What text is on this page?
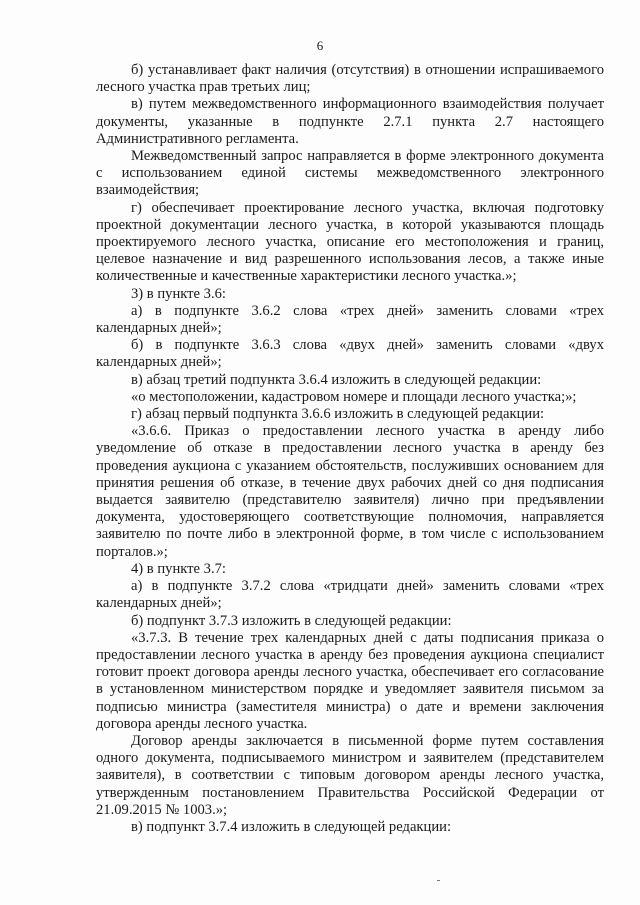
6

б) устанавливает факт наличия (отсутствия) в отношении испрашиваемого лесного участка прав третьих лиц;

в) путем межведомственного информационного взаимодействия получает документы, указанные в подпункте 2.7.1 пункта 2.7 настоящего Административного регламента.

Межведомственный запрос направляется в форме электронного документа с использованием единой системы межведомственного электронного взаимодействия;

г) обеспечивает проектирование лесного участка, включая подготовку проектной документации лесного участка, в которой указываются площадь проектируемого лесного участка, описание его местоположения и границ, целевое назначение и вид разрешенного использования лесов, а также иные количественные и качественные характеристики лесного участка.»;

3) в пункте 3.6:

а) в подпункте 3.6.2 слова «трех дней» заменить словами «трех календарных дней»;

б) в подпункте 3.6.3 слова «двух дней» заменить словами «двух календарных дней»;

в) абзац третий подпункта 3.6.4 изложить в следующей редакции:

«о местоположении, кадастровом номере и площади лесного участка;»;

г) абзац первый подпункта 3.6.6 изложить в следующей редакции:

«3.6.6. Приказ о предоставлении лесного участка в аренду либо уведомление об отказе в предоставлении лесного участка в аренду без проведения аукциона с указанием обстоятельств, послуживших основанием для принятия решения об отказе, в течение двух рабочих дней со дня подписания выдается заявителю (представителю заявителя) лично при предъявлении документа, удостоверяющего соответствующие полномочия, направляется заявителю по почте либо в электронной форме, в том числе с использованием порталов.»;

4) в пункте 3.7:

а) в подпункте 3.7.2 слова «тридцати дней» заменить словами «трех календарных дней»;

б) подпункт 3.7.3 изложить в следующей редакции:

«3.7.3. В течение трех календарных дней с даты подписания приказа о предоставлении лесного участка в аренду без проведения аукциона специалист готовит проект договора аренды лесного участка, обеспечивает его согласование в установленном министерством порядке и уведомляет заявителя письмом за подписью министра (заместителя министра) о дате и времени заключения договора аренды лесного участка.

Договор аренды заключается в письменной форме путем составления одного документа, подписываемого министром и заявителем (представителем заявителя), в соответствии с типовым договором аренды лесного участка, утвержденным постановлением Правительства Российской Федерации от 21.09.2015 № 1003.»;

в) подпункт 3.7.4 изложить в следующей редакции:
